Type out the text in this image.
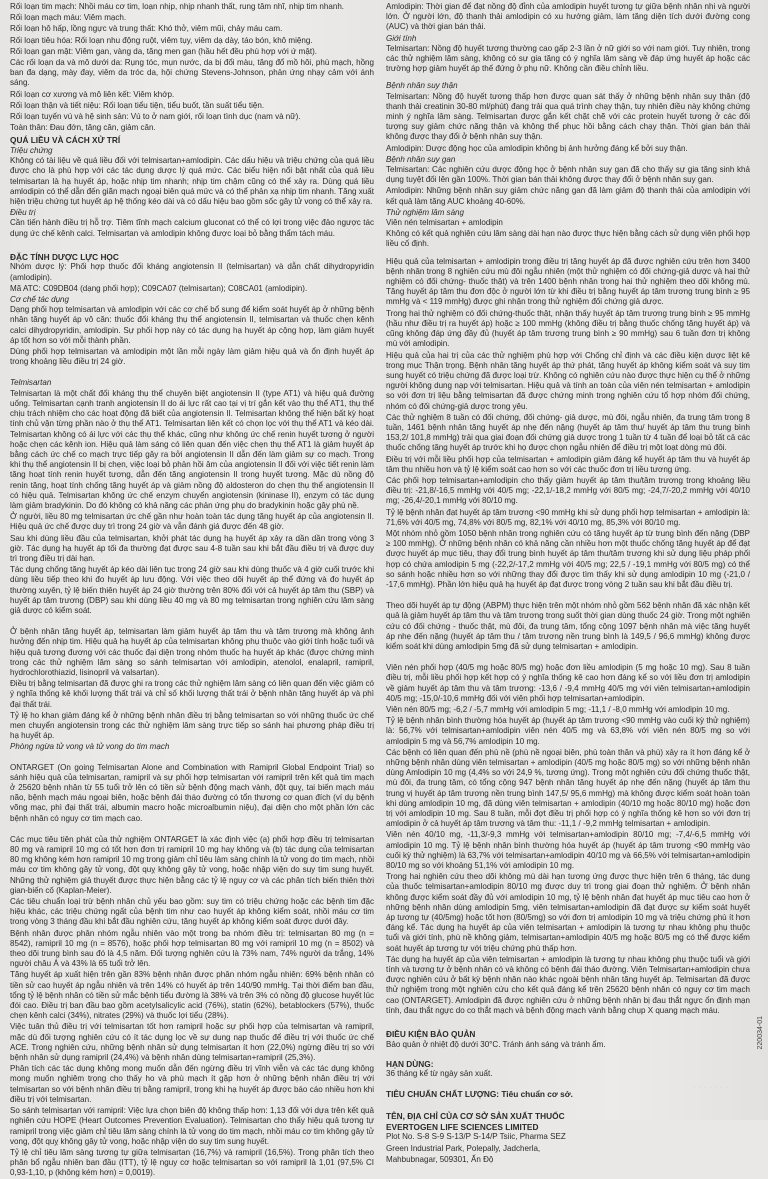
Rối loạn tim mạch: Nhồi máu cơ tim, loạn nhịp, nhịp nhanh thất, rung tâm nhĩ, nhịp tim nhanh.
Rối loạn mạch máu: Viêm mạch.
Rối loạn hô hấp, lồng ngực và trung thất: Khó thở, viêm mũi, chảy máu cam.
Rối loạn tiêu hóa: Rối loạn nhu động ruột, viêm tụy, viêm dạ dày, táo bón, khô miệng.
Rối loạn gan mật: Viêm gan, vàng da, tăng men gan (hầu hết đều phù hợp với ứ mật).
Các rối loạn da và mô dưới da: Rụng tóc, mụn nước, da bị đổi màu, tăng đổ mồ hôi, phù mạch, hồng ban đa dạng, mày đay, viêm da tróc da, hội chứng Stevens-Johnson, phản ứng nhạy cảm với ánh sáng.
Rối loạn cơ xương và mô liên kết: Viêm khớp.
Rối loạn thận và tiết niệu: Rối loạn tiểu tiện, tiểu buốt, tần suất tiểu tiện.
Rối loạn tuyến vú và hệ sinh sản: Vú to ở nam giới, rối loạn tình dục (nam và nữ).
Toàn thân: Đau đớn, tăng cân, giảm cân.
QUÁ LIỀU VÀ CÁCH XỬ TRÍ
Triệu chứng
Không có tài liệu về quá liều đối với telmisartan+amlodipin. Các dấu hiệu và triệu chứng của quá liều được cho là phù hợp với các tác dụng dược lý quá mức. Các biểu hiện nổi bật nhất của quá liều telmisartan là hạ huyết áp, hoặc nhịp tim nhanh; nhịp tim chậm cũng có thể xảy ra. Dùng quá liều amlodipin có thể dẫn đến giãn mạch ngoại biên quá mức và có thể phản xạ nhịp tim nhanh. Tăng xuất hiện triệu chứng tụt huyết áp hệ thống kéo dài và có dấu hiệu bao gồm sốc gây tử vong có thể xảy ra.
Điều trị
Cần tiến hành điều trị hỗ trợ. Tiêm tĩnh mạch calcium gluconat có thể có lợi trong việc đảo ngược tác dụng ức chế kênh calci. Telmisartan và amlodipin không được loại bỏ bằng thẩm tách máu.
ĐẶC TÍNH DƯỢC LỰC HỌC
Nhóm dược lý: Phối hợp thuốc đối kháng angiotensin II (telmisartan) và dẫn chất dihydropyridin (amlodipin).
Mã ATC: C09DB04 (dạng phối hợp); C09CA07 (telmisartan); C08CA01 (amlodipin).
Cơ chế tác dụng
Dạng phối hợp telmisartan và amlodipin với các cơ chế bổ sung để kiểm soát huyết áp ở những bệnh nhân tăng huyết áp vô căn: thuốc đối kháng thụ thể angiotensin II, telmisartan và thuốc chẹn kênh calci dihydropyridin, amlodipin. Sự phối hợp này có tác dụng hạ huyết áp cộng hợp, làm giảm huyết áp tốt hơn so với mỗi thành phần.
Dùng phối hợp telmisartan và amlodipin một lần mỗi ngày làm giảm hiệu quả và ổn định huyết áp trong khoảng liều điều trị 24 giờ.
Telmisartan
Telmisartan là một chất đối kháng thụ thể chuyên biệt angiotensin II (type AT1) và hiệu quả đường uống. Telmisartan cạnh tranh angiotensin II do ái lực rất cao tại vị trí gắn kết vào thụ thể AT1, thụ thể chịu trách nhiệm cho các hoạt động đã biết của angiotensin II. Telmisartan không thể hiện bất kỳ hoạt tính chủ vận từng phần nào ở thụ thể AT1. Telmisartan liên kết có chọn lọc với thụ thể AT1 và kéo dài. Telmisartan không có ái lực với các thụ thể khác, cũng như không ức chế renin huyết tương ở người hoặc chẹn các kênh ion. Hiệu quả làm sáng có liên quan đến việc chẹn thụ thể AT1 là giảm huyết áp bằng cách ức chế co mạch trực tiếp gây ra bởi angiotensin II dẫn đến làm giảm sự co mạch. Trong khi thụ thể angiotensin II bị chẹn, việc loại bỏ phản hồi âm của angiotensin II đối với việc tiết renin làm tăng hoạt tính renin huyết tương, dẫn đến tăng angiotensin II trong huyết tương. Mặc dù nồng độ renin tăng, hoạt tính chống tăng huyết áp và giảm nồng độ aldosteron do chẹn thụ thể angiotensin II có hiệu quả. Telmisartan không ức chế enzym chuyển angiotensin (kininase II), enzym có tác dụng làm giảm bradykinin. Do đó không có khả năng các phản ứng phụ do bradykinin hoặc gây phù nề.
Ở người, liều 80 mg telmisartan ức chế gần như hoàn toàn tác dụng tăng huyết áp của angiotensin II. Hiệu quả ức chế được duy trì trong 24 giờ và vẫn đánh giá được đến 48 giờ.
Sau khi dùng liều đầu của telmisartan, khởi phát tác dụng hạ huyết áp xảy ra dần dần trong vòng 3 giờ. Tác dụng hạ huyết áp tối đa thường đạt được sau 4-8 tuần sau khi bắt đầu điều trị và được duy trì trong điều trị dài hạn.
Tác dụng chống tăng huyết áp kéo dài liên tục trong 24 giờ sau khi dùng thuốc và 4 giờ cuối trước khi dùng liều tiếp theo khi đo huyết áp lưu động. Với việc theo dõi huyết áp thể đứng và đo huyết áp thường xuyên, tỷ lệ biến thiên huyết áp 24 giờ thường trên 80% đối với cả huyết áp tâm thu (SBP) và huyết áp tâm trương (DBP) sau khi dùng liều 40 mg và 80 mg telmisartan trong nghiên cứu lâm sàng giả dược có kiểm soát.
Ở bệnh nhân tăng huyết áp, telmisartan làm giảm huyết áp tâm thu và tâm trương mà không ảnh hưởng đến nhịp tim. Hiệu quả hạ huyết áp của telmisartan không phụ thuộc vào giới tính hoặc tuổi và hiệu quả tương đương với các thuốc đại diện trong nhóm thuốc hạ huyết áp khác (được chứng minh trong các thử nghiệm lâm sàng so sánh telmisartan với amlodipin, atenolol, enalapril, ramipril, hydrochlorothiazid, lisinopril và valsartan).
Điều trị bằng telmisartan đã được ghi ra trong các thử nghiệm lâm sàng có liên quan đến việc giảm có ý nghĩa thống kê khối lượng thất trái và chỉ số khối lượng thất trái ở bệnh nhân tăng huyết áp và phì đại thất trái.
Tỷ lệ ho khan giảm đáng kể ở những bệnh nhân điều trị bằng telmisartan so với những thuốc ức chế men chuyển angiotensin trong các thử nghiệm lâm sàng trực tiếp so sánh hai phương pháp điều trị hạ huyết áp.
Phòng ngừa tử vong và tử vong do tim mạch
ONTARGET (On going Telmisartan Alone and Combination with Ramipril Global Endpoint Trial) so sánh hiệu quả của telmisartan, ramipril và sự phối hợp telmisartan với ramipril trên kết quả tim mạch ở 25620 bệnh nhân từ 55 tuổi trở lên có tiền sử bệnh động mạch vành, đột quỵ, tai biến mạch máu não, bệnh mạch máu ngoại biên, hoặc bệnh đái tháo đường có tổn thương cơ quan đích (ví dụ bệnh võng mạc, phì đại thất trái, albumin macro hoặc microalbumin niệu), đại diện cho một phần lớn các bệnh nhân có nguy cơ tim mạch cao.
Các mục tiêu tiên phát của thử nghiệm ONTARGET là xác định việc (a) phối hợp điều trị telmisartan 80 mg và ramipril 10 mg có tốt hơn đơn trị ramipril 10 mg hay không và (b) tác dụng của telmisartan 80 mg không kém hơn ramipril 10 mg trong giảm chỉ tiêu làm sàng chính là tử vong do tim mạch, nhồi máu cơ tim không gây tử vong, đột quỵ không gây tử vong, hoặc nhập viện do suy tim sung huyết. Những thử nghiệm giả thuyết được thực hiện bằng các tỷ lệ nguy cơ và các phân tích biến thiên thời gian-biến cố (Kaplan-Meier).
Các tiêu chuẩn loại trừ bệnh nhân chủ yếu bao gồm: suy tim có triệu chứng hoặc các bệnh tim đặc hiệu khác, các triệu chứng ngất của bệnh tim như cao huyết áp không kiểm soát, nhồi máu cơ tim trong vòng 3 tháng đầu khi bắt đầu nghiên cứu, tăng huyết áp không kiểm soát được dưới đây.
Bệnh nhân được phân nhóm ngẫu nhiên vào một trong ba nhóm điều trị: telmisartan 80 mg (n = 8542), ramipril 10 mg (n = 8576), hoặc phối hợp telmisartan 80 mg với ramipril 10 mg (n = 8502) và theo dõi trung bình sau đó là 4,5 năm. Đối tượng nghiên cứu là 73% nam, 74% người da trắng, 14% người châu Á và 43% là 65 tuổi trở lên.
Tăng huyết áp xuất hiện trên gần 83% bệnh nhân được phân nhóm ngẫu nhiên: 69% bệnh nhân có tiền sử cao huyết áp ngẫu nhiên và trên 14% có huyết áp trên 140/90 mmHg. Tại thời điểm ban đầu, tổng tỷ lệ bệnh nhân có tiền sử mắc bệnh tiểu đường là 38% và trên 3% có nồng độ glucose huyết lúc đói cao. Điều trị ban đầu bao gồm acetylsalicylic acid (76%), statin (62%), betablockers (57%), thuốc chẹn kênh calci (34%), nitrates (29%) và thuốc lợi tiểu (28%).
Việc tuân thủ điều trị với telmisartan tốt hơn ramipril hoặc sự phối hợp của telmisartan và ramipril, mặc dù đối tượng nghiên cứu có ít tác dụng lọc về sự dung nạp thuốc để điều trị với thuốc ức chế ACE. Trong nghiên cứu, những bệnh nhân sử dụng telmisartan ít hơn (22,0%) ngừng điều trị so với bệnh nhân sử dụng ramipril (24,4%) và bệnh nhân dùng telmisartan+ramipril (25,3%).
Phân tích các tác dụng không mong muốn dẫn đến ngừng điều trị vĩnh viễn và các tác dụng không mong muốn nghiêm trọng cho thấy ho và phù mạch ít gặp hơn ở những bệnh nhân điều trị với telmisartan so với bệnh nhân điều trị bằng ramipril, trong khi hạ huyết áp được báo cáo nhiều hơn khi điều trị với telmisartan.
So sánh telmisartan với ramipril: Việc lựa chọn biên độ không thấp hơn: 1,13 đối với dựa trên kết quả nghiên cứu HOPE (Heart Outcomes Prevention Evaluation). Telmisartan cho thấy hiệu quả tương tự ramipril trong việc giảm chỉ tiêu lâm sàng chính là tử vong do tim mạch, nhồi máu cơ tim không gây tử vong, đột quỵ không gây tử vong, hoặc nhập viện do suy tim sung huyết.
Tỷ lệ chỉ tiêu lâm sàng tương tự giữa telmisartan (16,7%) và ramipril (16,5%). Trong phân tích theo phân bổ ngẫu nhiên ban đầu (ITT), tỷ lệ nguy cơ hoặc telmisartan so với ramipril là 1,01 (97,5% CI 0,93-1,10, p (không kém hơn) = 0,0019).
Amlodipin: Thời gian để đạt nồng độ đỉnh của amlodipin huyết tương tự giữa bệnh nhân nhi và người lớn. Ở người lớn, độ thanh thải amlodipin có xu hướng giảm, làm tăng diện tích dưới đường cong (AUC) và thời gian bán thải.
Giới tính
Telmisartan: Nồng độ huyết tương thường cao gấp 2-3 lần ở nữ giới so với nam giới. Tuy nhiên, trong các thử nghiệm lâm sàng, không có sự gia tăng có ý nghĩa lâm sàng về đáp ứng huyết áp hoặc các trường hợp giảm huyết áp thế đứng ở phụ nữ. Không cần điều chỉnh liều.
Bệnh nhân suy thận
Telmisartan: Nồng độ huyết tương thấp hơn được quan sát thấy ở những bệnh nhân suy thận (độ thanh thải creatinin 30-80 ml/phút) đang trải qua quá trình chạy thận, tuy nhiên điều này không chứng minh ý nghĩa lâm sàng. Telmisartan được gắn kết chặt chẽ với các protein huyết tương ở các đối tượng suy giảm chức năng thận và không thể phục hồi bằng cách chạy thận. Thời gian bán thải không được thay đổi ở bệnh nhân suy thận.
Amlodipin: Dược động học của amlodipin không bị ảnh hưởng đáng kể bởi suy thận.
Bệnh nhân suy gan
Telmisartan: Các nghiên cứu dược động học ở bệnh nhân suy gan đã cho thấy sự gia tăng sinh khả dụng tuyệt đối lên gần 100%. Thời gian bán thải không được thay đổi ở bệnh nhân suy gan.
Amlodipin: Những bệnh nhân suy giảm chức năng gan đã làm giảm độ thanh thải của amlodipin với kết quả làm tăng AUC khoảng 40-60%.
Thử nghiệm lâm sàng
Viên nén telmisartan + amlodipin
Không có kết quả nghiên cứu lâm sàng dài hạn nào được thực hiện bằng cách sử dụng viên phối hợp liều cố định.
Hiệu quả của telmisartan + amlodipin trong điều trị tăng huyết áp đã được nghiên cứu trên hơn 3400 bệnh nhân trong 8 nghiên cứu mù đôi ngẫu nhiên (một thử nghiệm có đối chứng-giả dược và hai thử nghiệm có đối chứng- thuốc thật) và trên 1400 bệnh nhân trong hai thử nghiệm theo dõi không mù. Tăng huyết áp tâm thu đơn độc ở người lớn từ khi điều trị bằng huyết áp tâm trương trung bình ≥ 95 mmHg và < 119 mmHg) được ghi nhận trong thử nghiệm đối chứng giả dược.
Trong hai thử nghiệm có đối chứng-thuốc thật, nhận thấy huyết áp tâm trương trung bình ≥ 95 mmHg (hầu như điều trị ra huyết áp) hoặc ≥ 100 mmHg (không điều trị bằng thuốc chống tăng huyết áp) và cũng không đáp ứng đầy đủ (huyết áp tâm trương trung bình ≥ 90 mmHg) sau 6 tuần đơn trị không mù với amlodipin.
Hiệu quả của hai trị của các thử nghiệm phù hợp với Chống chỉ định và các điều kiện dược liệt kê trong mục Thận trọng. Bệnh nhân tăng huyết áp thứ phát, tăng huyết áp không kiểm soát và suy tim sung huyết có triệu chứng đã được loại trừ. Không có nghiên cứu nào được thực hiện cụ thể ở những người không dung nạp với telmisartan. Hiệu quả và tính an toàn của viên nén telmisartan + amlodipin so với đơn trị liệu bằng telmisartan đã được chứng minh trong nghiên cứu tổ hợp nhóm đối chứng, nhóm có đối chứng-giả dược trong yêu.
Các thử nghiệm 8 tuần có đối chứng, đối chứng- giả dược, mù đôi, ngẫu nhiên, đa trung tâm trong 8 tuần, 1461 bệnh nhân tăng huyết áp nhẹ đến nặng (huyết áp tâm thu/ huyết áp tâm thu trung bình 153,2/ 101,8 mmHg) trải qua giai đoạn đối chứng giả dược trong 1 tuần từ 4 tuần để loại bỏ tất cả các thuốc chống tăng huyết áp trước khi họ được chọn ngẫu nhiên để điều trị một loạt dòng mù đôi.
Điều trị với mỗi liều phối hợp của telmisartan + amlodipin giảm đáng kể huyết áp tâm thu và huyết áp tâm thu nhiều hơn và tỷ lệ kiểm soát cao hơn so với các thuốc đơn trị liều tương ứng.
Các phối hợp telmisartan+amlodipin cho thấy giảm huyết áp tâm thu/tâm trương trong khoảng liều điều trị: -21,8/-16,5 mmHg với 40/5 mg; -22,1/-18,2 mmHg với 80/5 mg; -24,7/-20,2 mmHg với 40/10 mg; -26,4/-20,1 mmHg với 80/10 mg.
Tỷ lệ bệnh nhân đạt huyết áp tâm trương <90 mmHg khi sử dụng phối hợp telmisartan + amlodipin là: 71,6% với 40/5 mg, 74,8% với 80/5 mg, 82,1% với 40/10 mg, 85,3% với 80/10 mg.
Một nhóm nhỏ gồm 1050 bệnh nhân trong nghiên cứu có tăng huyết áp từ trung bình đến nặng (DBP ≥ 100 mmHg). Ở những bệnh nhân có khả năng cần nhiều hơn một thuốc chống tăng huyết áp để đạt được huyết áp mục tiêu, thay đổi trung bình huyết áp tâm thu/tâm trương khi sử dụng liệu pháp phối hợp có chứa amlodipin 5 mg (-22,2/-17,2 mmHg với 40/5 mg; 22,5 / -19,1 mmHg với 80/5 mg) có thể so sánh hoặc nhiều hơn so với những thay đổi được tìm thấy khi sử dụng amlodipin 10 mg (-21,0 / -17,6 mmHg). Phần lớn hiệu quả hạ huyết áp đạt được trong vòng 2 tuần sau khi bắt đầu điều trị.
Theo dõi huyết áp tự động (ABPM) thực hiện trên một nhóm nhỏ gồm 562 bệnh nhân đã xác nhận kết quả là giảm huyết áp tâm thu và tâm trương trong suốt thời gian dùng thuốc 24 giờ. Trong một nghiên cứu có đối chứng - thuốc thật, mù đôi, đa trung tâm, tổng cộng 1097 bệnh nhân mà việc tăng huyết áp nhẹ đến nặng (huyết áp tâm thu / tâm trương nền trung bình là 149,5 / 96,6 mmHg) không được kiểm soát khi dùng amlodipin 5mg đã sử dụng telmisartan + amlodipin.
Viên nén phối hợp (40/5 mg hoặc 80/5 mg) hoặc đơn liều amlodipin (5 mg hoặc 10 mg). Sau 8 tuần điều trị, mỗi liều phối hợp kết hợp có ý nghĩa thống kê cao hơn đáng kể so với liều đơn trị amlodipin về giảm huyết áp tâm thu và tâm trương: -13,6 / -9,4 mmHg 40/5 mg với viên telmisartan+amlodipin 40/5 mg; -15,0/-10,6 mmHg đối với viên phối hợp telmisartan+amlodipin.
Viên nén 80/5 mg; -6,2 / -5,7 mmHg với amlodipin 5 mg; -11,1 / -8,0 mmHg với amlodipin 10 mg.
Tỷ lệ bệnh nhân bình thường hóa huyết áp (huyết áp tâm trương <90 mmHg vào cuối kỳ thử nghiệm) là: 56,7% với telmisartan+amlodipin viên nén 40/5 mg và 63,8% với viên nén 80/5 mg so với amlodipin 5 mg và 56,7% amlodipin 10 mg.
Các bệnh có liên quan đến phù nề (phù nề ngoại biên, phù toàn thân và phù) xảy ra ít hơn đáng kể ở những bệnh nhân dùng viên telmisartan + amlodipin (40/5 mg hoặc 80/5 mg) so với những bệnh nhân dùng Amlodipin 10 mg (4,4% so với 24,9 %, tương ứng). Trong một nghiên cứu đối chứng thuốc thật, mù đôi, đa trung tâm, có tổng cộng 947 bệnh nhân tăng huyết áp nhẹ đến nặng (huyết áp tâm thu trung vị huyết áp tâm trương nền trung bình 147,5/ 95,6 mmHg) mà không được kiểm soát hoàn toàn khi dùng amlodipin 10 mg, đã dùng viên telmisartan + amlodipin (40/10 mg hoặc 80/10 mg) hoặc đơn trị với amlodipin 10 mg. Sau 8 tuần, mỗi đợt điều trị phối hợp có ý nghĩa thống kê hơn so với đơn trị amlodipin ở cả huyết áp tâm trương và tâm thu: -11,1 / -9,2 mmHg telmisartan + amlodipin.
Viên nén 40/10 mg, -11,3/-9,3 mmHg với telmisartan+amlodipin 80/10 mg; -7,4/-6,5 mmHg với amlodipin 10 mg. Tỷ lệ bệnh nhân bình thường hóa huyết áp (huyết áp tâm trương <90 mmHg vào cuối kỳ thử nghiệm) là 63,7% với telmisartan+amlodipin 40/10 mg và 66,5% với telmisartan+amlodipin 80/10 mg so với khoảng 51,1% với amlodipin 10 mg.
Trong hai nghiên cứu theo dõi không mù dài hạn tương ứng được thực hiện trên 6 tháng, tác dụng của thuốc telmisartan+amlodipin 80/10 mg được duy trì trong giai đoạn thử nghiệm. Ở bệnh nhân không được kiểm soát đầy đủ với amlodipin 10 mg, tỷ lệ bệnh nhân đạt huyết áp mục tiêu cao hơn ở những bệnh nhân dùng amlodipin 5mg, viên telmisartan+amlodipin đã đạt được sự kiểm soát huyết áp tương tự (40/5mg) hoặc tốt hơn (80/5mg) so với đơn trị amlodipin 10 mg và triệu chứng phù ít hơn đáng kể. Tác dụng hạ huyết áp của viên telmisartan + amlodipin là tương tự nhau không phụ thuộc tuổi và giới tính, phù nề không giảm, telmisartan+amlodipin 40/5 mg hoặc 80/5 mg có thể được kiểm soát huyết áp tương tự với triệu chứng phù thấp hơn.
Tác dụng hạ huyết áp của viên telmisartan + amlodipin là tương tự nhau không phụ thuộc tuổi và giới tính và tương tự ở bệnh nhân có và không có bệnh đái tháo đường. Viên Telmisartan+amlodipin chưa được nghiên cứu ở bất kỳ bệnh nhân nào khác ngoài bệnh nhân tăng huyết áp. Telmisartan đã được thử nghiệm trong một nghiên cứu cho kết quả đáng kể trên 25620 bệnh nhân có nguy cơ tim mạch cao (ONTARGET). Amlodipin đã được nghiên cứu ở những bệnh nhân bị đau thắt ngực ổn định mạn tính, đau thắt ngực do co thắt mạch và bệnh động mạch vành bằng chụp X quang mạch máu.
ĐIỀU KIỆN BẢO QUẢN
Bảo quản ở nhiệt độ dưới 30°C. Tránh ánh sáng và tránh ẩm.
HẠN DÙNG:
36 tháng kể từ ngày sản xuất.
TIÊU CHUẨN CHẤT LƯỢNG: Tiêu chuẩn cơ sở.
TÊN, ĐỊA CHỈ CỦA CƠ SỞ SẢN XUẤT THUỐC
EVERTOGEN LIFE SCIENCES LIMITED
Plot No. S-8 S-9 S-13/P S-14/P Tsiic, Pharma SEZ
Green Industrial Park, Polepally, Jadcherla,
Mahbubnagar, 509301, Ấn Độ
220034-01
· · · · · · ·
